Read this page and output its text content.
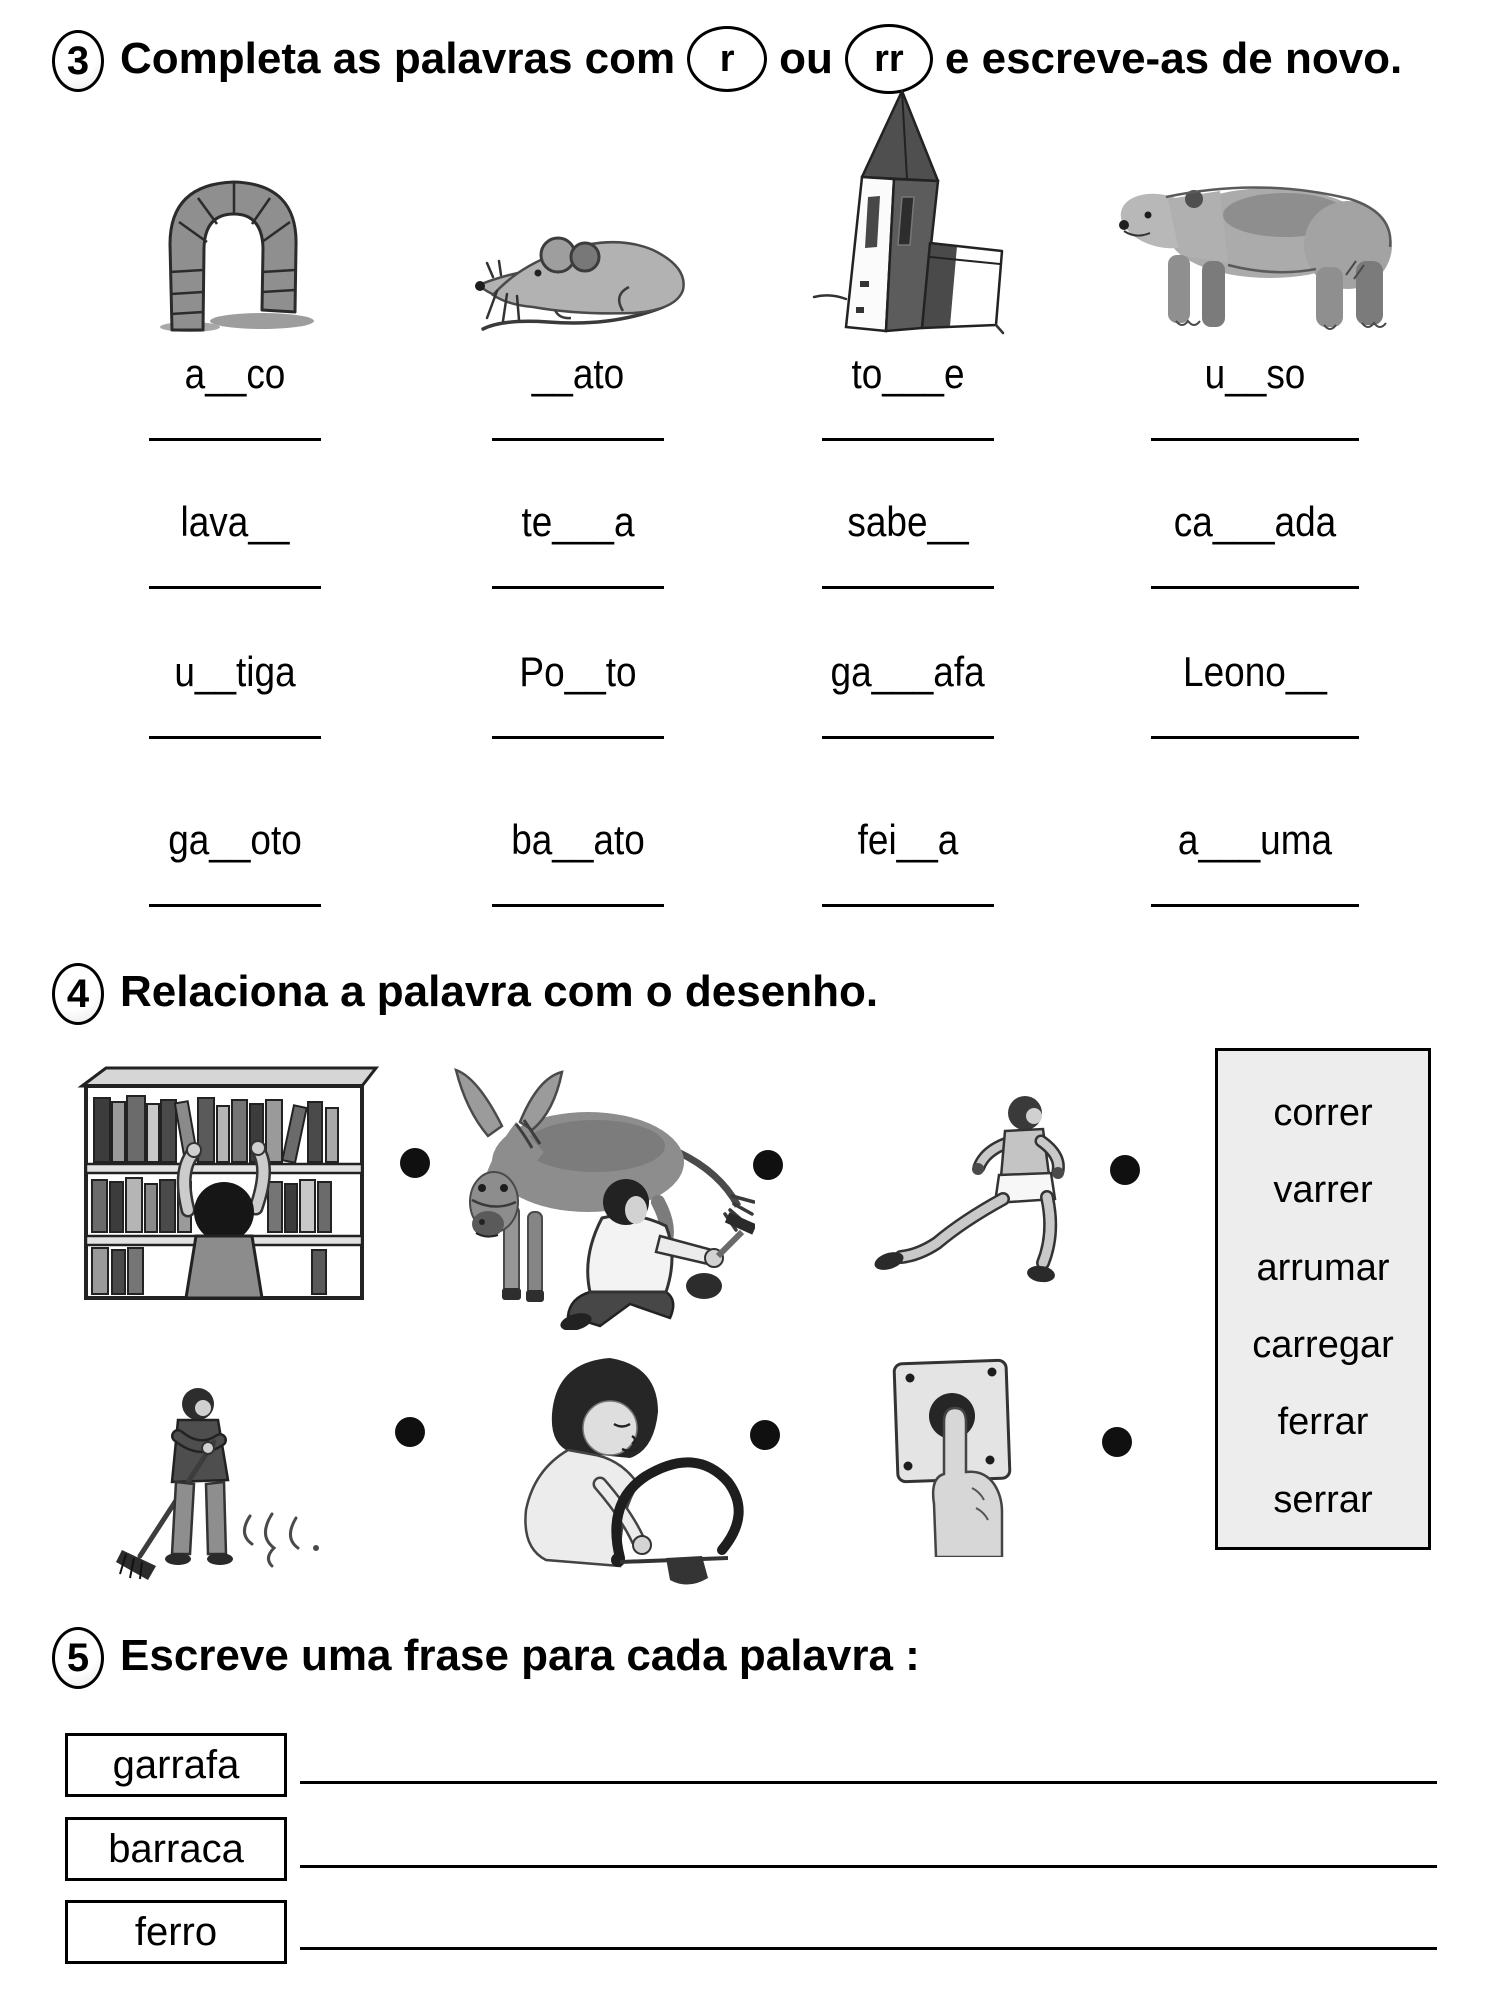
3 Completa as palavras com	r	ou	rr e escreve-as de novo.
a__co	__ato	to___e	u__so
lava__	te___a	sabe__	ca___ada
u__tiga	Po__to	ga___afa	Leono__
ga__oto	ba__ato	fei__a	a___uma
4 Relaciona a palavra com o desenho.
correr
varrer
arrumar
carregar
ferrar
serrar
5 Escreve uma frase para cada palavra :
garrafa
barraca
ferro
